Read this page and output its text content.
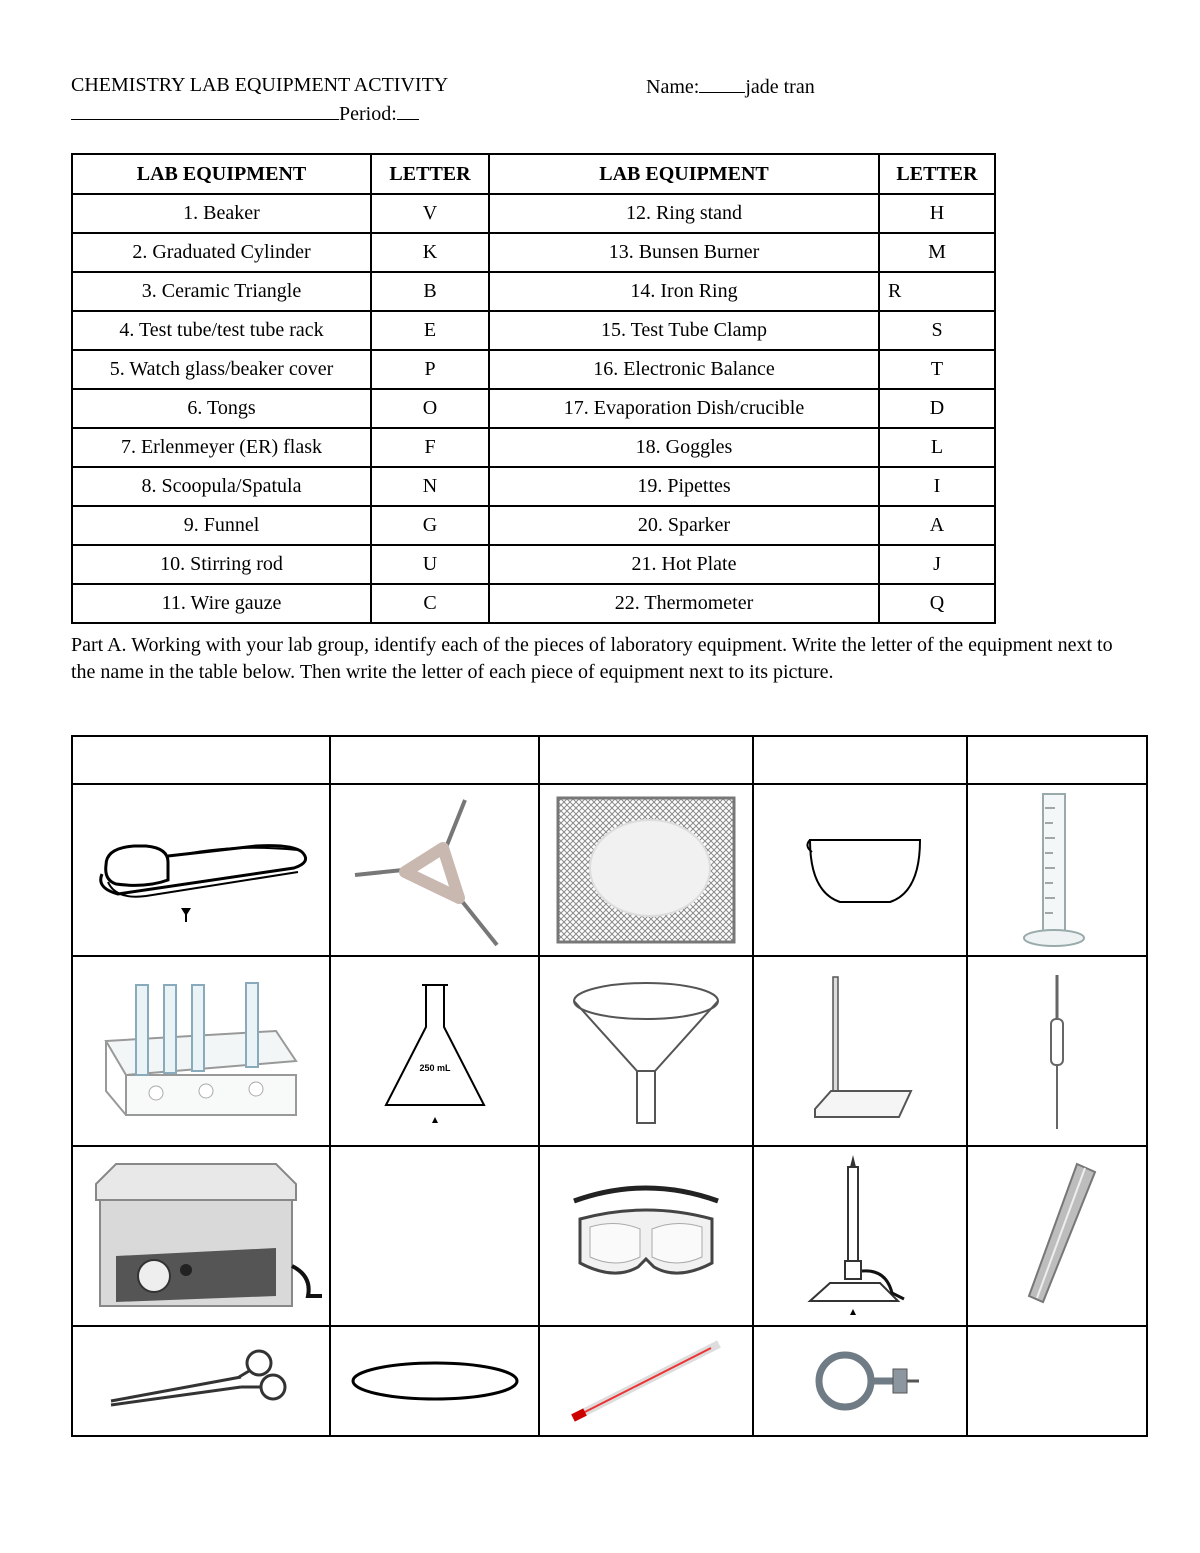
CHEMISTRY LAB EQUIPMENT ACTIVITY	Name: jade tran
Period:
LAB EQUIPMENT	LETTER	LAB EQUIPMENT	LETTER
1. Beaker	V	12. Ring stand	H
2. Graduated Cylinder	K	13. Bunsen Burner	M
3. Ceramic Triangle	B	14. Iron Ring	R
4. Test tube/test tube rack	E	15. Test Tube Clamp	S
5. Watch glass/beaker cover	P	16. Electronic Balance	T
6. Tongs	O	17. Evaporation Dish/crucible	D
7. Erlenmeyer (ER) flask	F	18. Goggles	L
8. Scoopula/Spatula	N	19. Pipettes	I
9. Funnel	G	20. Sparker	A
10. Stirring rod	U	21. Hot Plate	J
11. Wire gauze	C	22. Thermometer	Q
Part A. Working with your lab group, identify each of the pieces of laboratory equipment. Write the letter of the equipment next to the name in the table below. Then write the letter of each piece of equipment next to its picture.

250 mL
